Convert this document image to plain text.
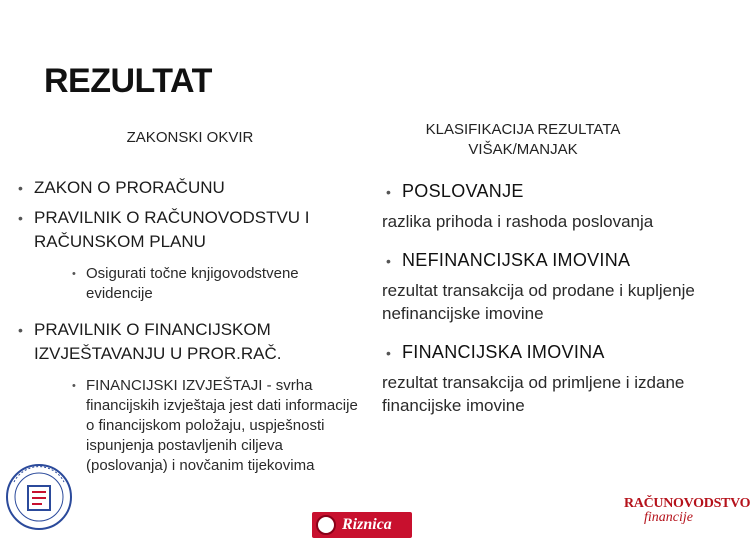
REZULTAT
ZAKONSKI OKVIR	KLASIFIKACIJA REZULTATA
VIŠAK/MANJAK
• ZAKON O PRORAČUNU
• PRAVILNIK O RAČUNOVODSTVU I RAČUNSKOM PLANU
• Osigurati točne knjigovodstvene evidencije
• PRAVILNIK O FINANCIJSKOM IZVJEŠTAVANJU U PROR.RAČ.
• FINANCIJSKI IZVJEŠTAJI - svrha financijskih izvještaja jest dati informacije o financijskom položaju, uspješnosti ispunjenja postavljenih ciljeva (poslovanja) i novčanim tijekovima
• POSLOVANJE
razlika prihoda i rashoda poslovanja
• NEFINANCIJSKA IMOVINA
rezultat transakcija od prodane i kupljenje nefinancijske imovine
• FINANCIJSKA IMOVINA
rezultat transakcija od primljene i izdane financijske imovine
Riznica
RAČUNOVODSTVO
financije
